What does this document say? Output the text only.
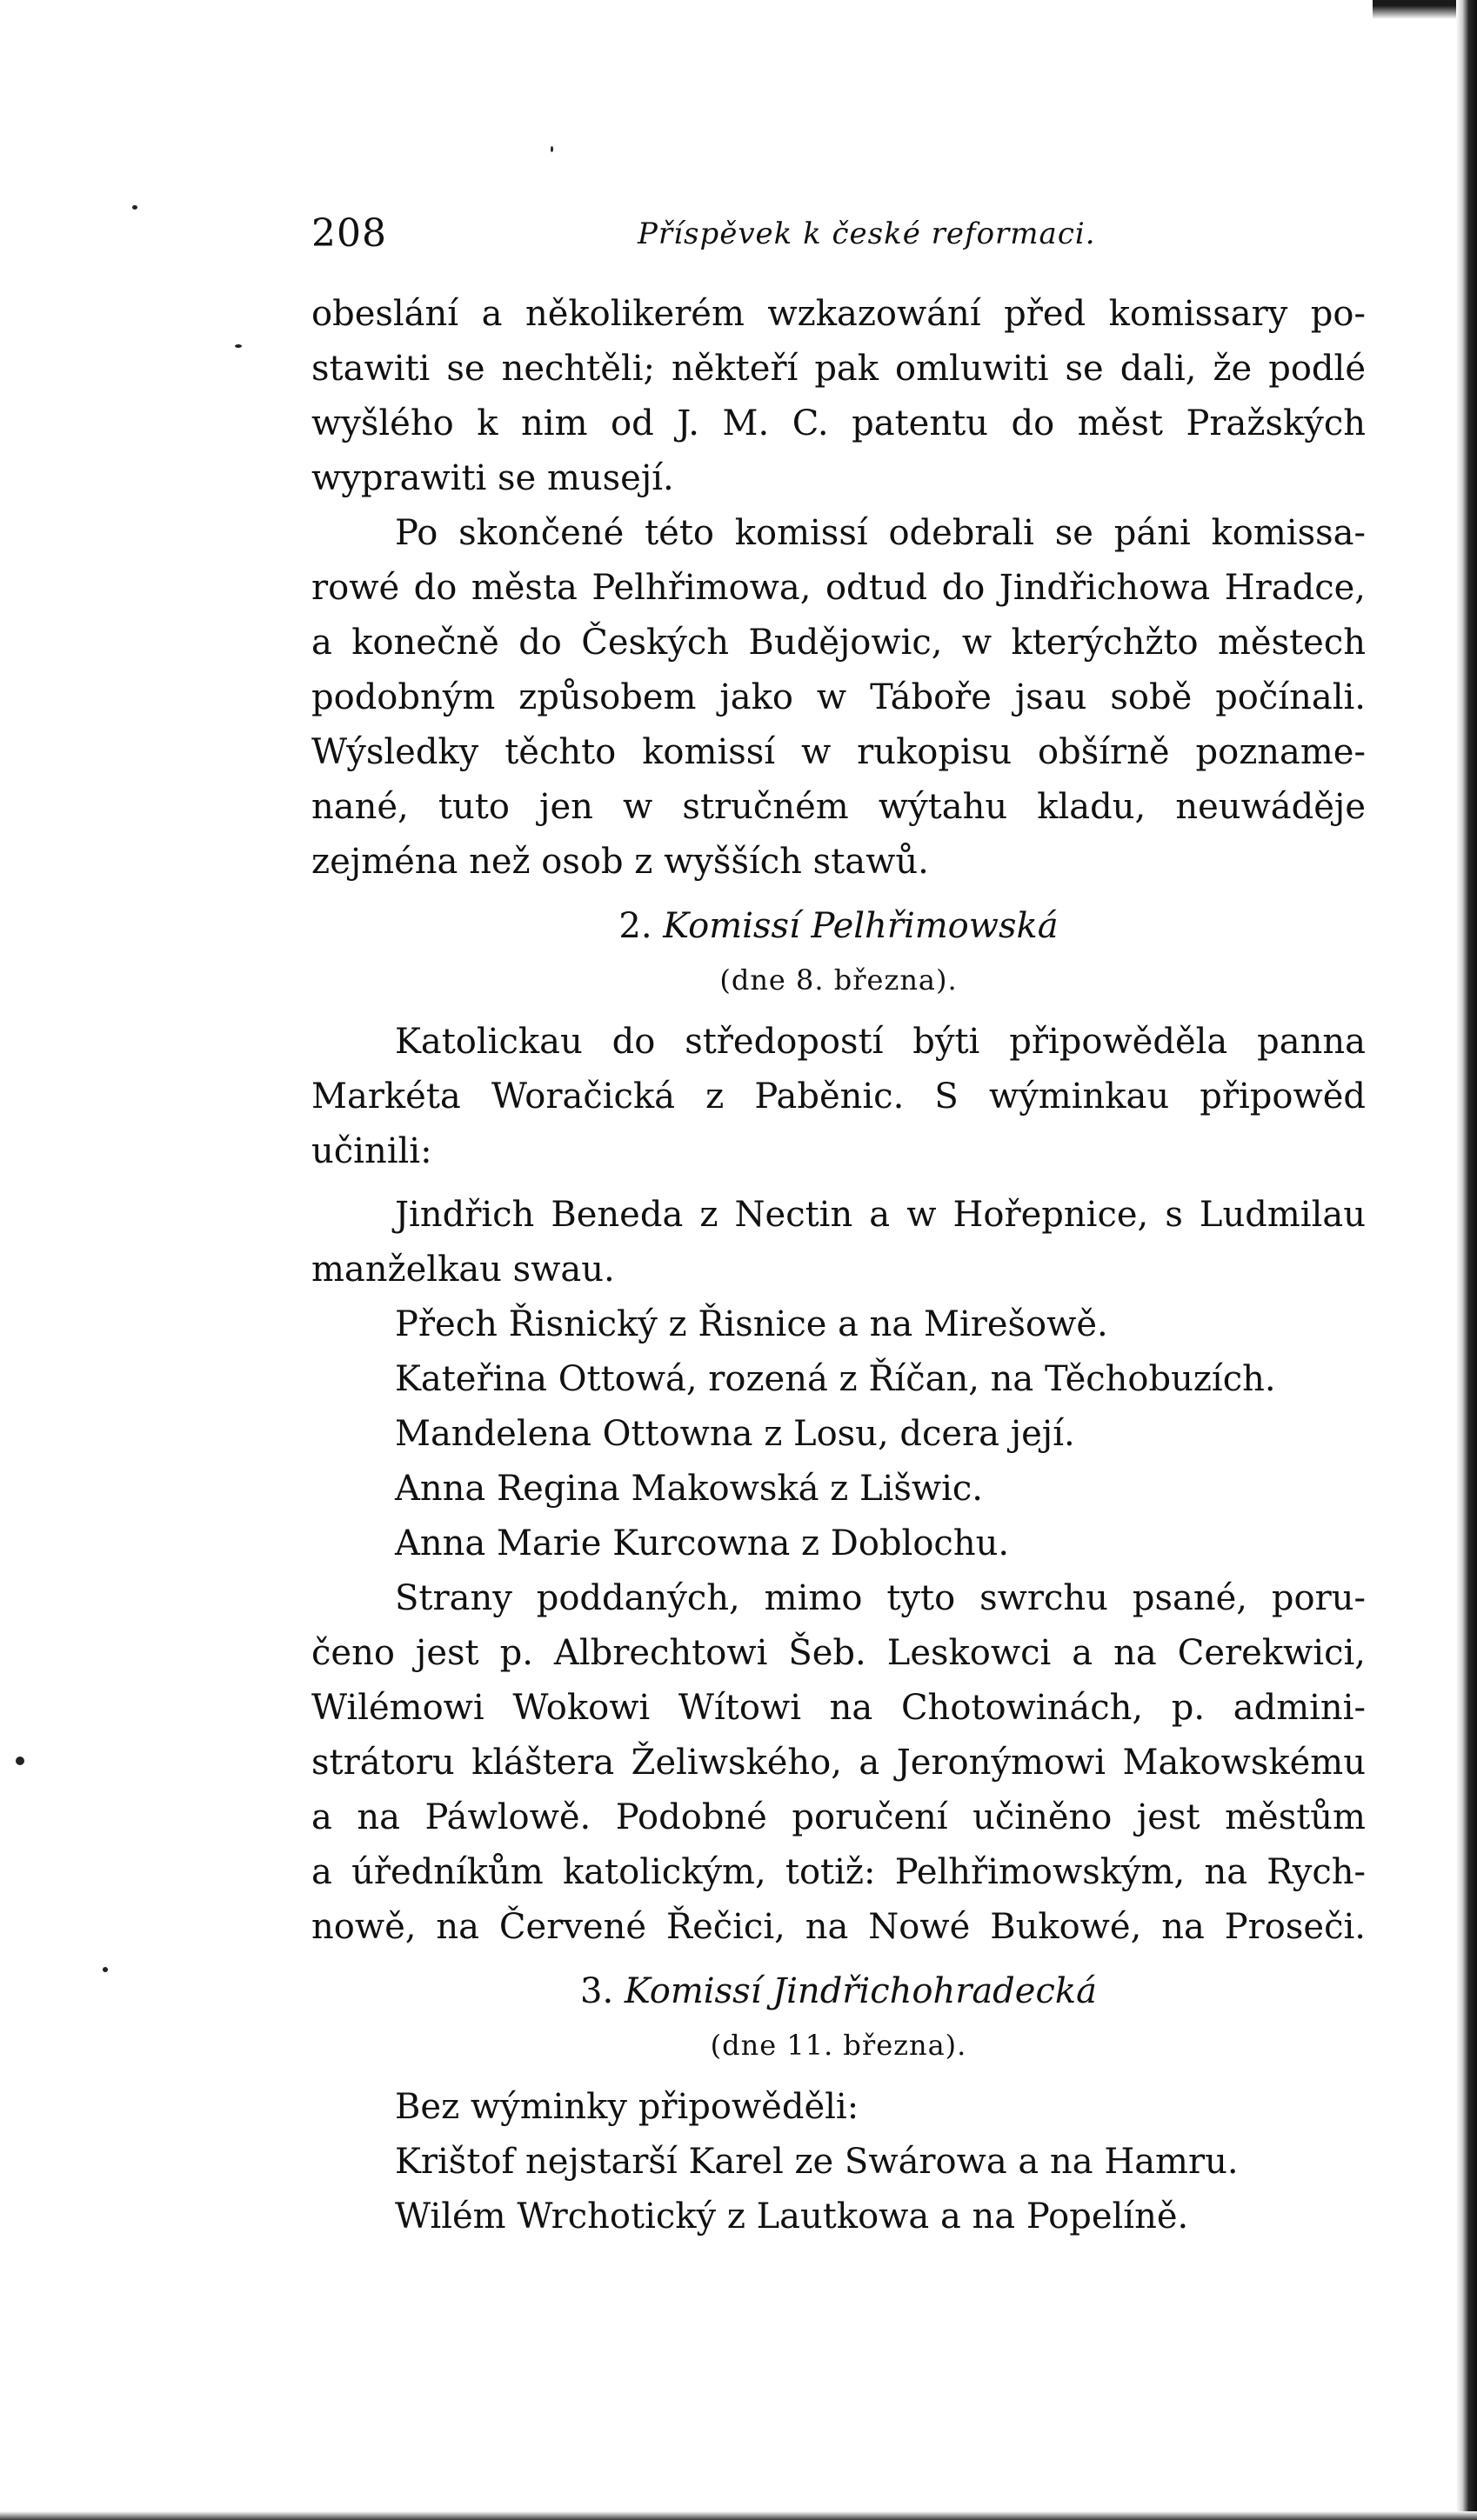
208	Příspěvek k české reformaci.

obeslání a několikerém wzkazowání před komissary po-
stawiti se nechtěli; někteří pak omluwiti se dali, že podlé
wyšlého k nim od J. M. C. patentu do měst Pražských
wyprawiti se musejí.

Po skončené této komissí odebrali se páni komissa-
rowé do města Pelhřimowa, odtud do Jindřichowa Hradce,
a konečně do Českých Budějowic, w kterýchžto městech
podobným způsobem jako w Táboře jsau sobě počínali.
Wýsledky těchto komissí w rukopisu obšírně poznamе-
nané, tuto jen w stručném wýtahu kladu, neuwáděje
zejména než osob z wyšších stawů.

2. Komissí Pelhřimowská

(dne 8. března).

Katolickau do středopostí býti připowěděla panna
Markéta Woračická z Paběnic. S wýminkau připowěd
učinili:

Jindřich Beneda z Nectin a w Hořepnice, s Ludmilau
manželkau swau.

Přech Řisnický z Řisnice a na Mirešowě.

Kateřina Ottowá, rozená z Říčan, na Těchobuzích.

Mandelena Ottowna z Losu, dcera její.

Anna Regina Makowská z Lišwic.

Anna Marie Kurcowna z Doblochu.

Strany poddaných, mimo tyto swrchu psané, poru-
čeno jest p. Albrechtowi Šeb. Leskowci a na Cerekwici,
Wilémowi Wokowi Wítowi na Chotowinách, p. admini-
strátoru kláštera Želiwského, a Jeronýmowi Makowskému
a na Páwlowě. Podobné poručení učiněno jest městům
a úředníkům katolickým, totiž: Pelhřimowským, na Rych-
nowě, na Červené Řečici, na Nowé Bukowé, na Proseči.

3. Komissí Jindřichohradecká

(dne 11. března).

Bez wýminky připowěděli:

Krištof nejstarší Karel ze Swárowa a na Hamru.

Wilém Wrchotický z Lautkowa a na Popelíně.
